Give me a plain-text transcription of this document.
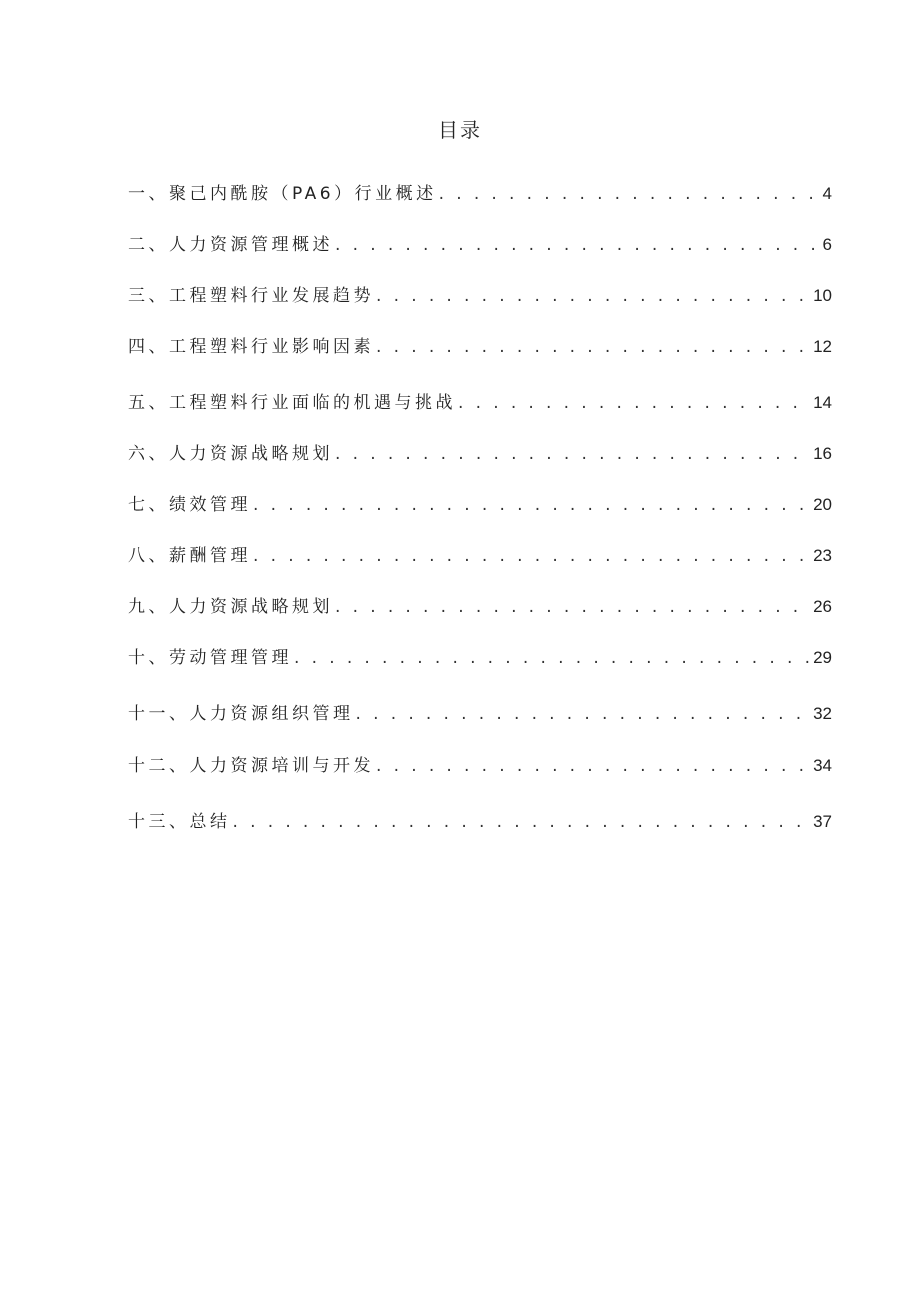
目录
一、聚己内酰胺（PA6）行业概述 . . .	4
二、人力资源管理概述 . . .	6
三、工程塑料行业发展趋势 . . .	10
四、工程塑料行业影响因素 . . .	12
五、工程塑料行业面临的机遇与挑战 . . .	14
六、人力资源战略规划 . . .	16
七、绩效管理 . . .	20
八、薪酬管理 . . .	23
九、人力资源战略规划 . . .	26
十、劳动管理管理 . . .	29
十一、人力资源组织管理 . . .	32
十二、人力资源培训与开发 . . .	34
十三、总结 . . .	37
